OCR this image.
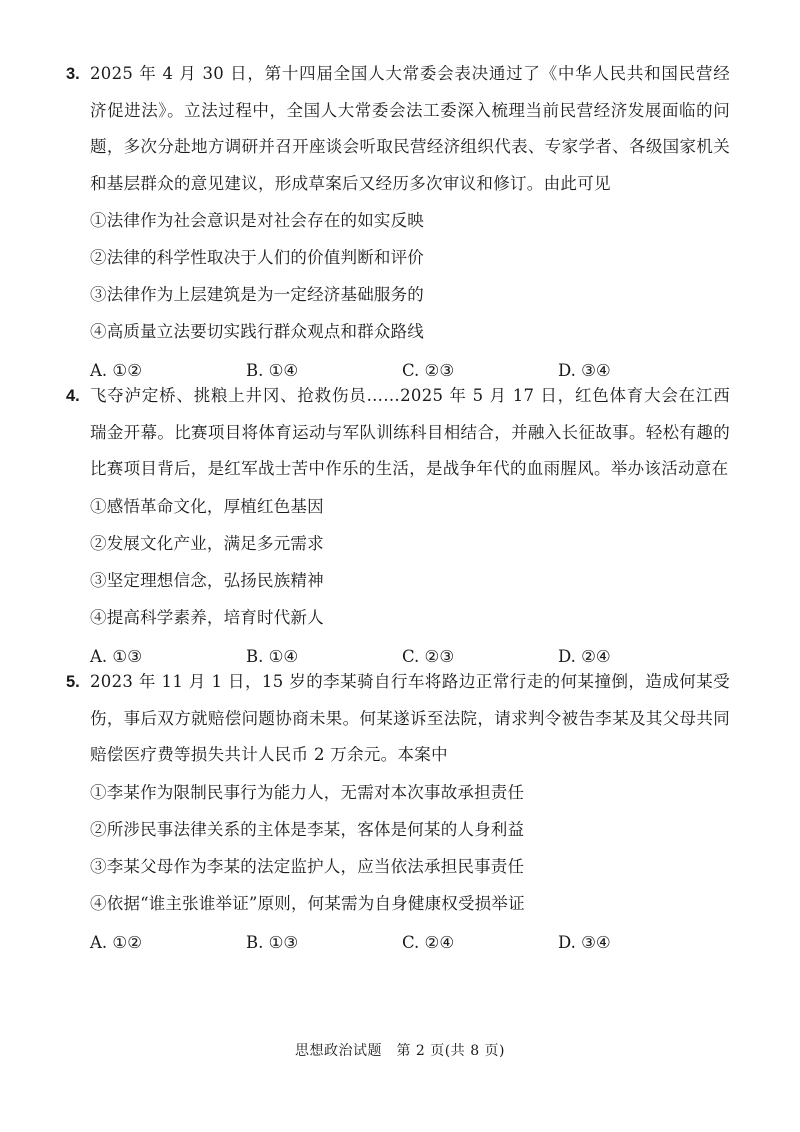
3. 2025 年 4 月 30 日，第十四届全国人大常委会表决通过了《中华人民共和国民营经济促进法》。立法过程中，全国人大常委会法工委深入梳理当前民营经济发展面临的问题，多次分赴地方调研并召开座谈会听取民营经济组织代表、专家学者、各级国家机关和基层群众的意见建议，形成草案后又经历多次审议和修订。由此可见
①法律作为社会意识是对社会存在的如实反映
②法律的科学性取决于人们的价值判断和评价
③法律作为上层建筑是为一定经济基础服务的
④高质量立法要切实践行群众观点和群众路线
A. ①②	B. ①④	C. ②③	D. ③④
4. 飞夺泸定桥、挑粮上井冈、抢救伤员……2025 年 5 月 17 日，红色体育大会在江西瑞金开幕。比赛项目将体育运动与军队训练科目相结合，并融入长征故事。轻松有趣的比赛项目背后，是红军战士苦中作乐的生活，是战争年代的血雨腥风。举办该活动意在
①感悟革命文化，厚植红色基因
②发展文化产业，满足多元需求
③坚定理想信念，弘扬民族精神
④提高科学素养，培育时代新人
A. ①③	B. ①④	C. ②③	D. ②④
5. 2023 年 11 月 1 日，15 岁的李某骑自行车将路边正常行走的何某撞倒，造成何某受伤，事后双方就赔偿问题协商未果。何某遂诉至法院，请求判令被告李某及其父母共同赔偿医疗费等损失共计人民币 2 万余元。本案中
①李某作为限制民事行为能力人，无需对本次事故承担责任
②所涉民事法律关系的主体是李某，客体是何某的人身利益
③李某父母作为李某的法定监护人，应当依法承担民事责任
④依据“谁主张谁举证”原则，何某需为自身健康权受损举证
A. ①②	B. ①③	C. ②④	D. ③④
思想政治试题　第 2 页(共 8 页)
